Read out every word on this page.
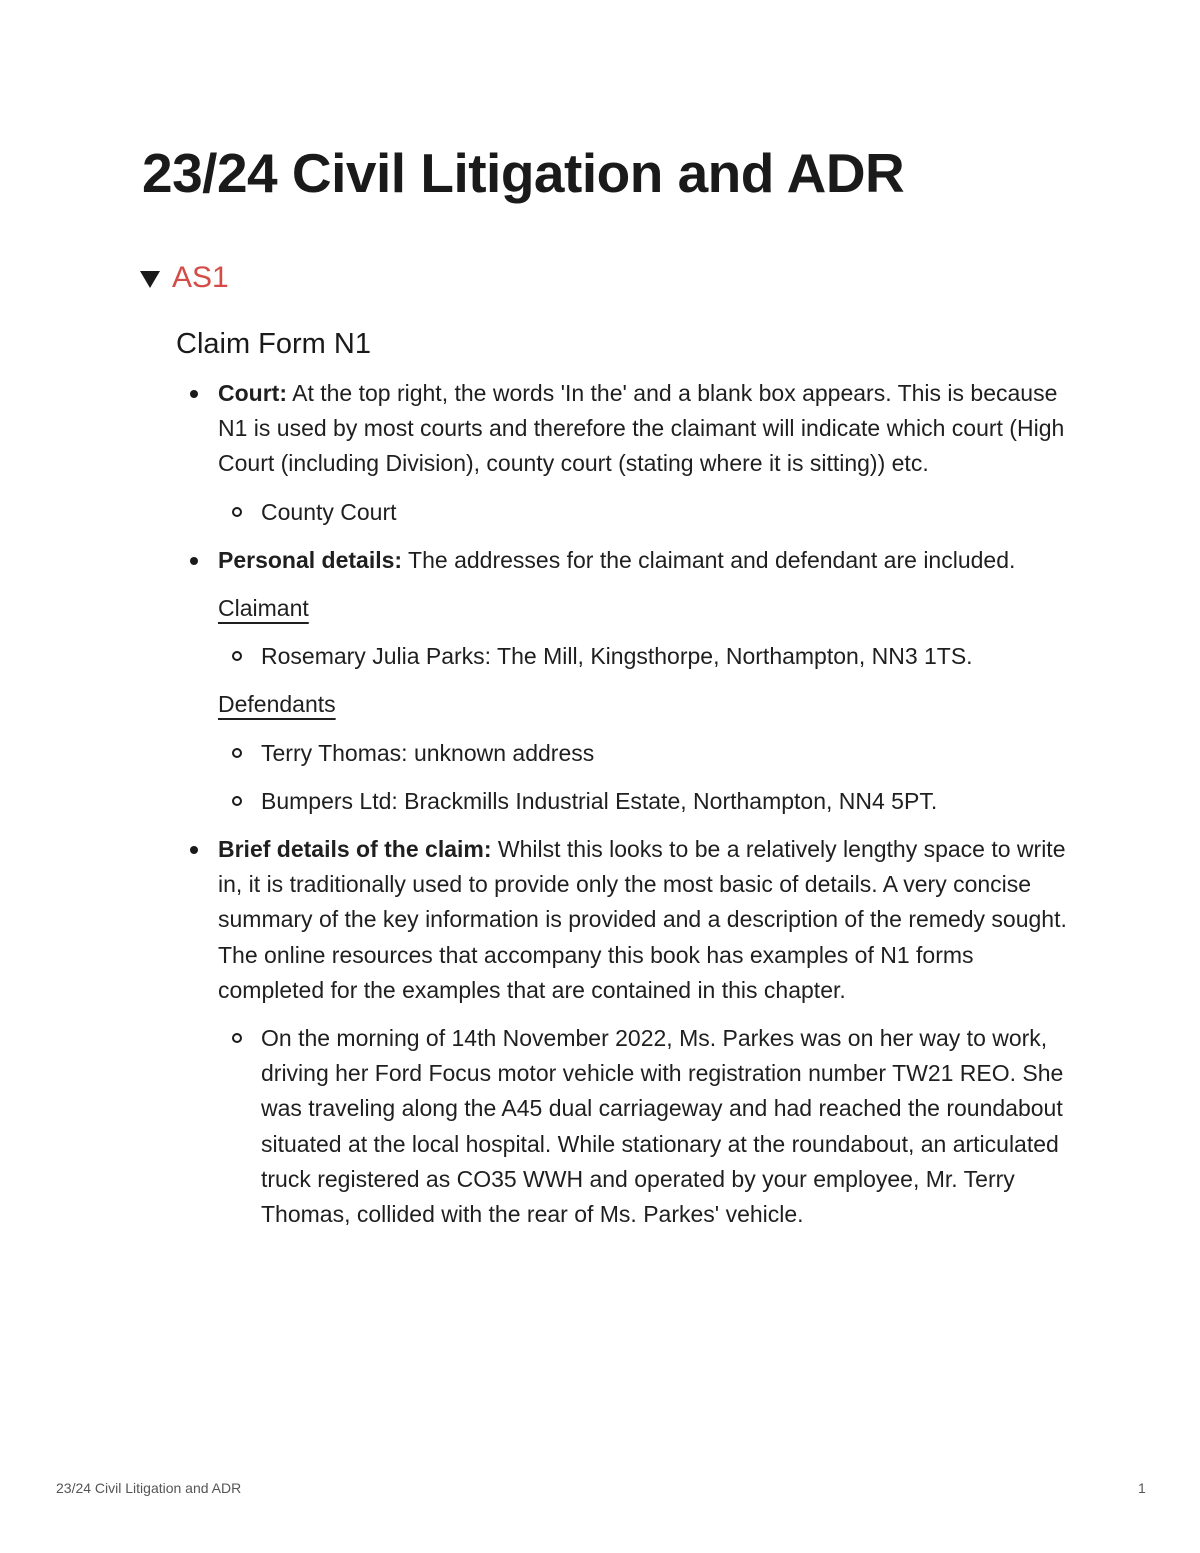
23/24 Civil Litigation and ADR
AS1
Claim Form N1
Court: At the top right, the words 'In the' and a blank box appears. This is because N1 is used by most courts and therefore the claimant will indicate which court (High Court (including Division), county court (stating where it is sitting)) etc.
County Court
Personal details: The addresses for the claimant and defendant are included.
Claimant
Rosemary Julia Parks: The Mill, Kingsthorpe, Northampton, NN3 1TS.
Defendants
Terry Thomas: unknown address
Bumpers Ltd: Brackmills Industrial Estate, Northampton, NN4 5PT.
Brief details of the claim: Whilst this looks to be a relatively lengthy space to write in, it is traditionally used to provide only the most basic of details. A very concise summary of the key information is provided and a description of the remedy sought. The online resources that accompany this book has examples of N1 forms completed for the examples that are contained in this chapter.
On the morning of 14th November 2022, Ms. Parkes was on her way to work, driving her Ford Focus motor vehicle with registration number TW21 REO. She was traveling along the A45 dual carriageway and had reached the roundabout situated at the local hospital. While stationary at the roundabout, an articulated truck registered as CO35 WWH and operated by your employee, Mr. Terry Thomas, collided with the rear of Ms. Parkes' vehicle.
23/24 Civil Litigation and ADR	1
